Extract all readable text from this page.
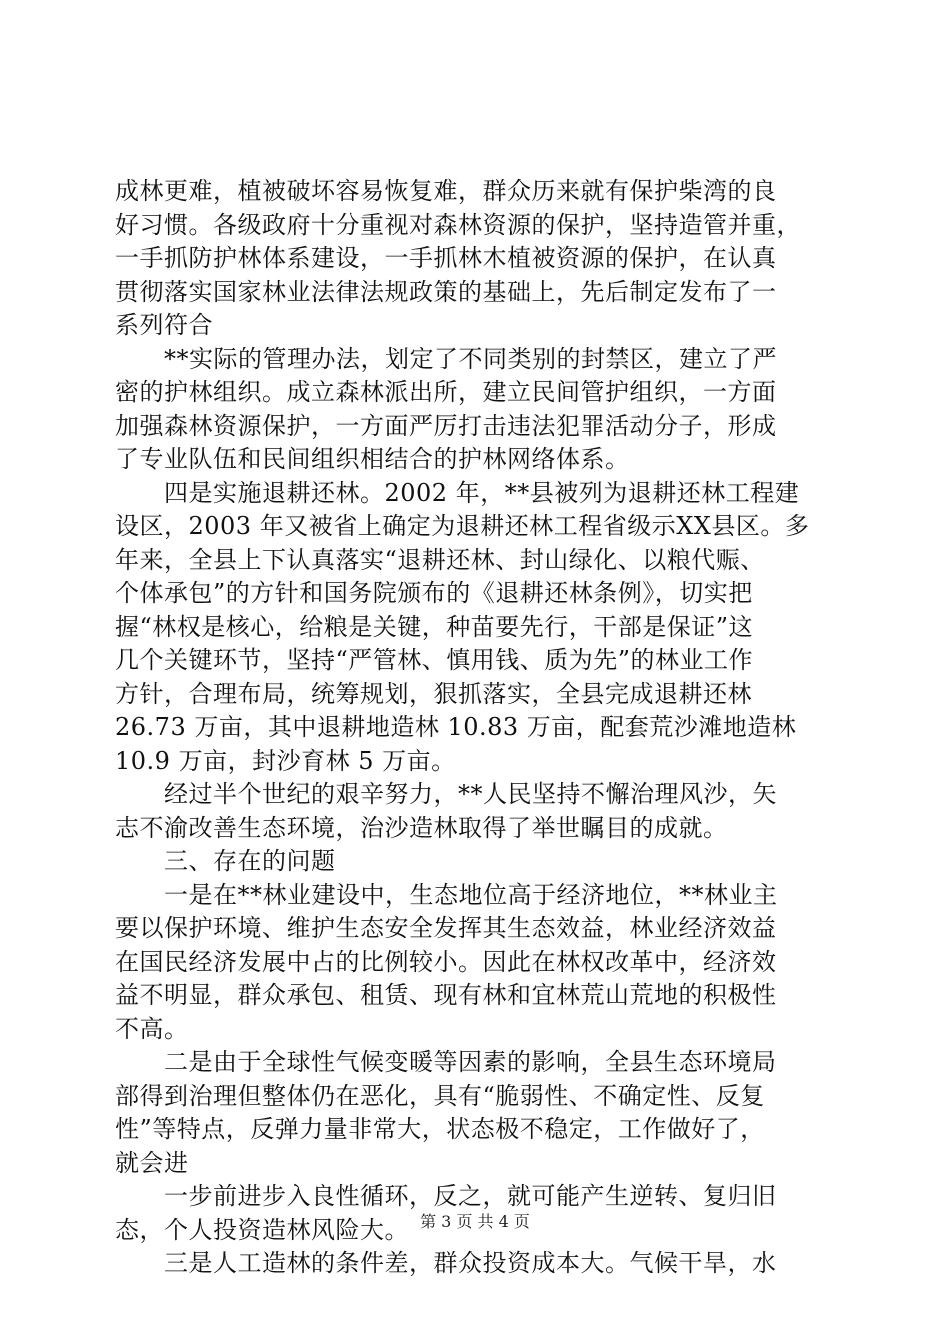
成林更难，植被破坏容易恢复难，群众历来就有保护柴湾的良
好习惯。各级政府十分重视对森林资源的保护，坚持造管并重，
一手抓防护林体系建设，一手抓林木植被资源的保护，在认真
贯彻落实国家林业法律法规政策的基础上，先后制定发布了一
系列符合
　　**实际的管理办法，划定了不同类别的封禁区，建立了严
密的护林组织。成立森林派出所，建立民间管护组织，一方面
加强森林资源保护，一方面严厉打击违法犯罪活动分子，形成
了专业队伍和民间组织相结合的护林网络体系。
　　四是实施退耕还林。2002 年，**县被列为退耕还林工程建
设区，2003 年又被省上确定为退耕还林工程省级示XX县区。多
年来，全县上下认真落实“退耕还林、封山绿化、以粮代赈、
个体承包”的方针和国务院颁布的《退耕还林条例》，切实把
握“林权是核心，给粮是关键，种苗要先行，干部是保证”这
几个关键环节，坚持“严管林、慎用钱、质为先”的林业工作
方针，合理布局，统筹规划，狠抓落实，全县完成退耕还林
26.73 万亩，其中退耕地造林 10.83 万亩，配套荒沙滩地造林
10.9 万亩，封沙育林 5 万亩。
　　经过半个世纪的艰辛努力，**人民坚持不懈治理风沙，矢
志不渝改善生态环境，治沙造林取得了举世瞩目的成就。
　　三、存在的问题
　　一是在**林业建设中，生态地位高于经济地位，**林业主
要以保护环境、维护生态安全发挥其生态效益，林业经济效益
在国民经济发展中占的比例较小。因此在林权改革中，经济效
益不明显，群众承包、租赁、现有林和宜林荒山荒地的积极性
不高。
　　二是由于全球性气候变暖等因素的影响，全县生态环境局
部得到治理但整体仍在恶化，具有“脆弱性、不确定性、反复
性”等特点，反弹力量非常大，状态极不稳定，工作做好了，
就会进
　　一步前进步入良性循环，反之，就可能产生逆转、复归旧
态，个人投资造林风险大。
　　三是人工造林的条件差，群众投资成本大。气候干旱，水
第 3 页 共 4 页
